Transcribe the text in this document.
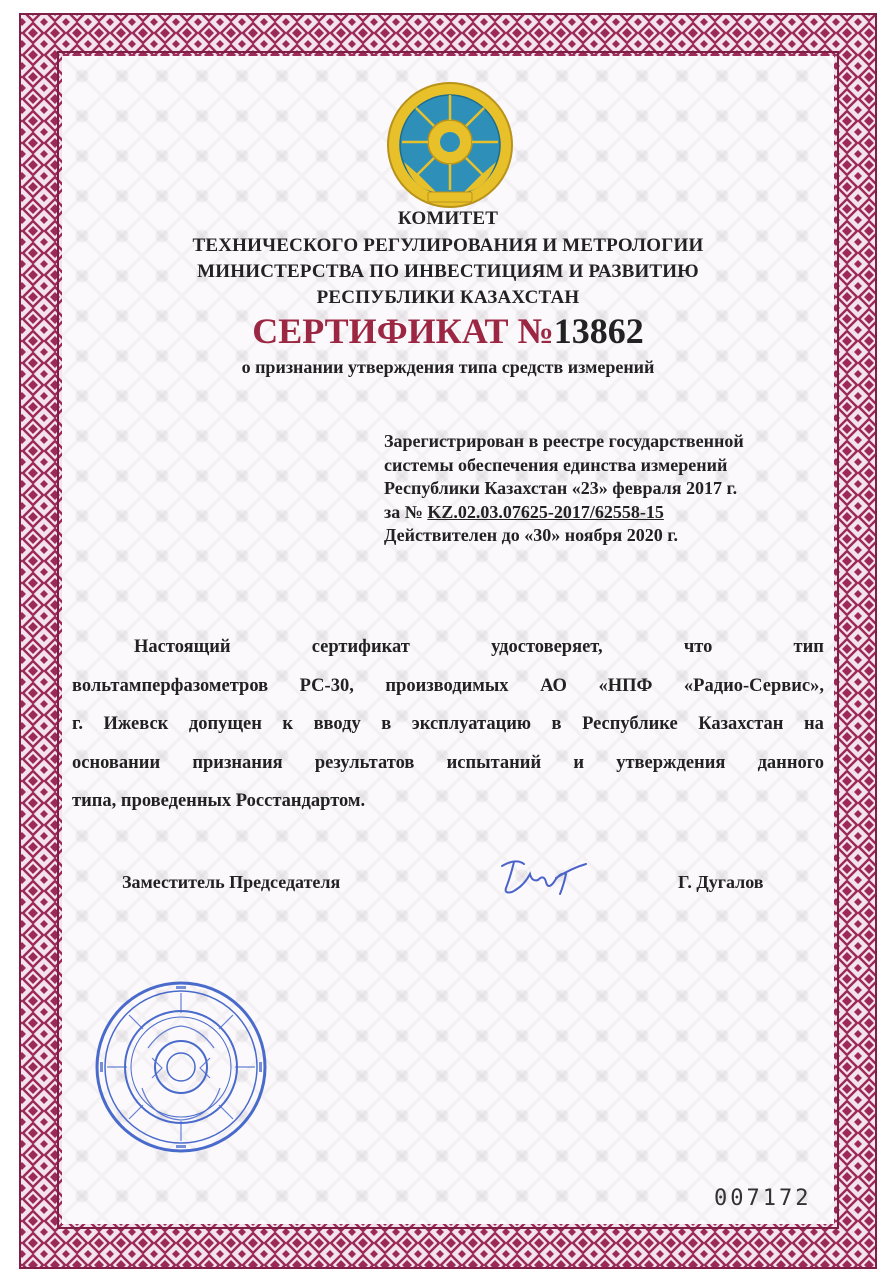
КОМИТЕТ
ТЕХНИЧЕСКОГО РЕГУЛИРОВАНИЯ И МЕТРОЛОГИИ
МИНИСТЕРСТВА ПО ИНВЕСТИЦИЯМ И РАЗВИТИЮ
РЕСПУБЛИКИ КАЗАХСТАН
СЕРТИФИКАТ №13862
о признании утверждения типа средств измерений
Зарегистрирован в реестре государственной
системы обеспечения единства измерений
Республики Казахстан «23» февраля 2017 г.
за № KZ.02.03.07625-2017/62558-15
Действителен до «30» ноября 2020 г.
Настоящий	сертификат	удостоверяет,	что	тип
вольтамперфазометров РС-30, производимых АО «НПФ «Радио-Сервис»,
г. Ижевск допущен к вводу в эксплуатацию в Республике Казахстан на
основании признания результатов испытаний и утверждения данного
типа, проведенных Росстандартом.
Заместитель Председателя	Г. Дугалов
007172
